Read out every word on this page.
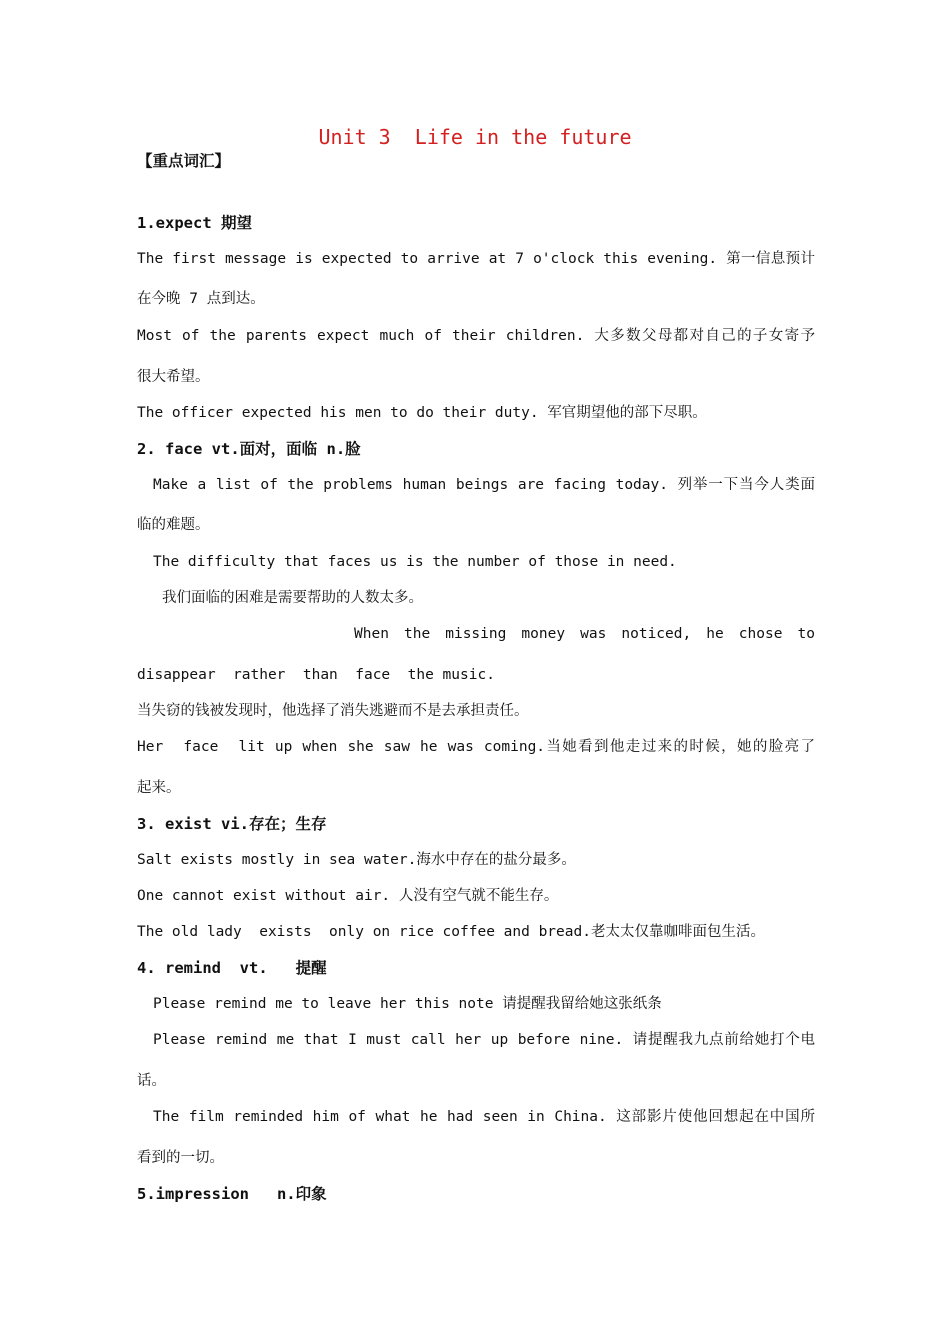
Unit 3  Life in the future
【重点词汇】
1.expect 期望
The first message is expected to arrive at 7 o'clock this evening. 第一信息预计
在今晚 7 点到达。
Most of the parents expect much of their children. 大多数父母都对自己的子女寄予
很大希望。
The officer expected his men to do their duty. 军官期望他的部下尽职。
2. face vt.面对，面临 n.脸
Make a list of the problems human beings are facing today. 列举一下当今人类面
临的难题。
The difficulty that faces us is the number of those in need.
我们面临的困难是需要帮助的人数太多。
When the missing money was noticed, he chose to
disappear  rather  than  face  the music.
当失窃的钱被发现时，他选择了消失逃避而不是去承担责任。
Her  face  lit up when she saw he was coming.当她看到他走过来的时候，她的脸亮了
起来。
3. exist vi.存在；生存
Salt exists mostly in sea water.海水中存在的盐分最多。
One cannot exist without air. 人没有空气就不能生存。
The old lady  exists  only on rice coffee and bread.老太太仅靠咖啡面包生活。
4. remind  vt.   提醒
Please remind me to leave her this note 请提醒我留给她这张纸条
Please remind me that I must call her up before nine. 请提醒我九点前给她打个电
话。
The film reminded him of what he had seen in China. 这部影片使他回想起在中国所
看到的一切。
5.impression   n.印象
